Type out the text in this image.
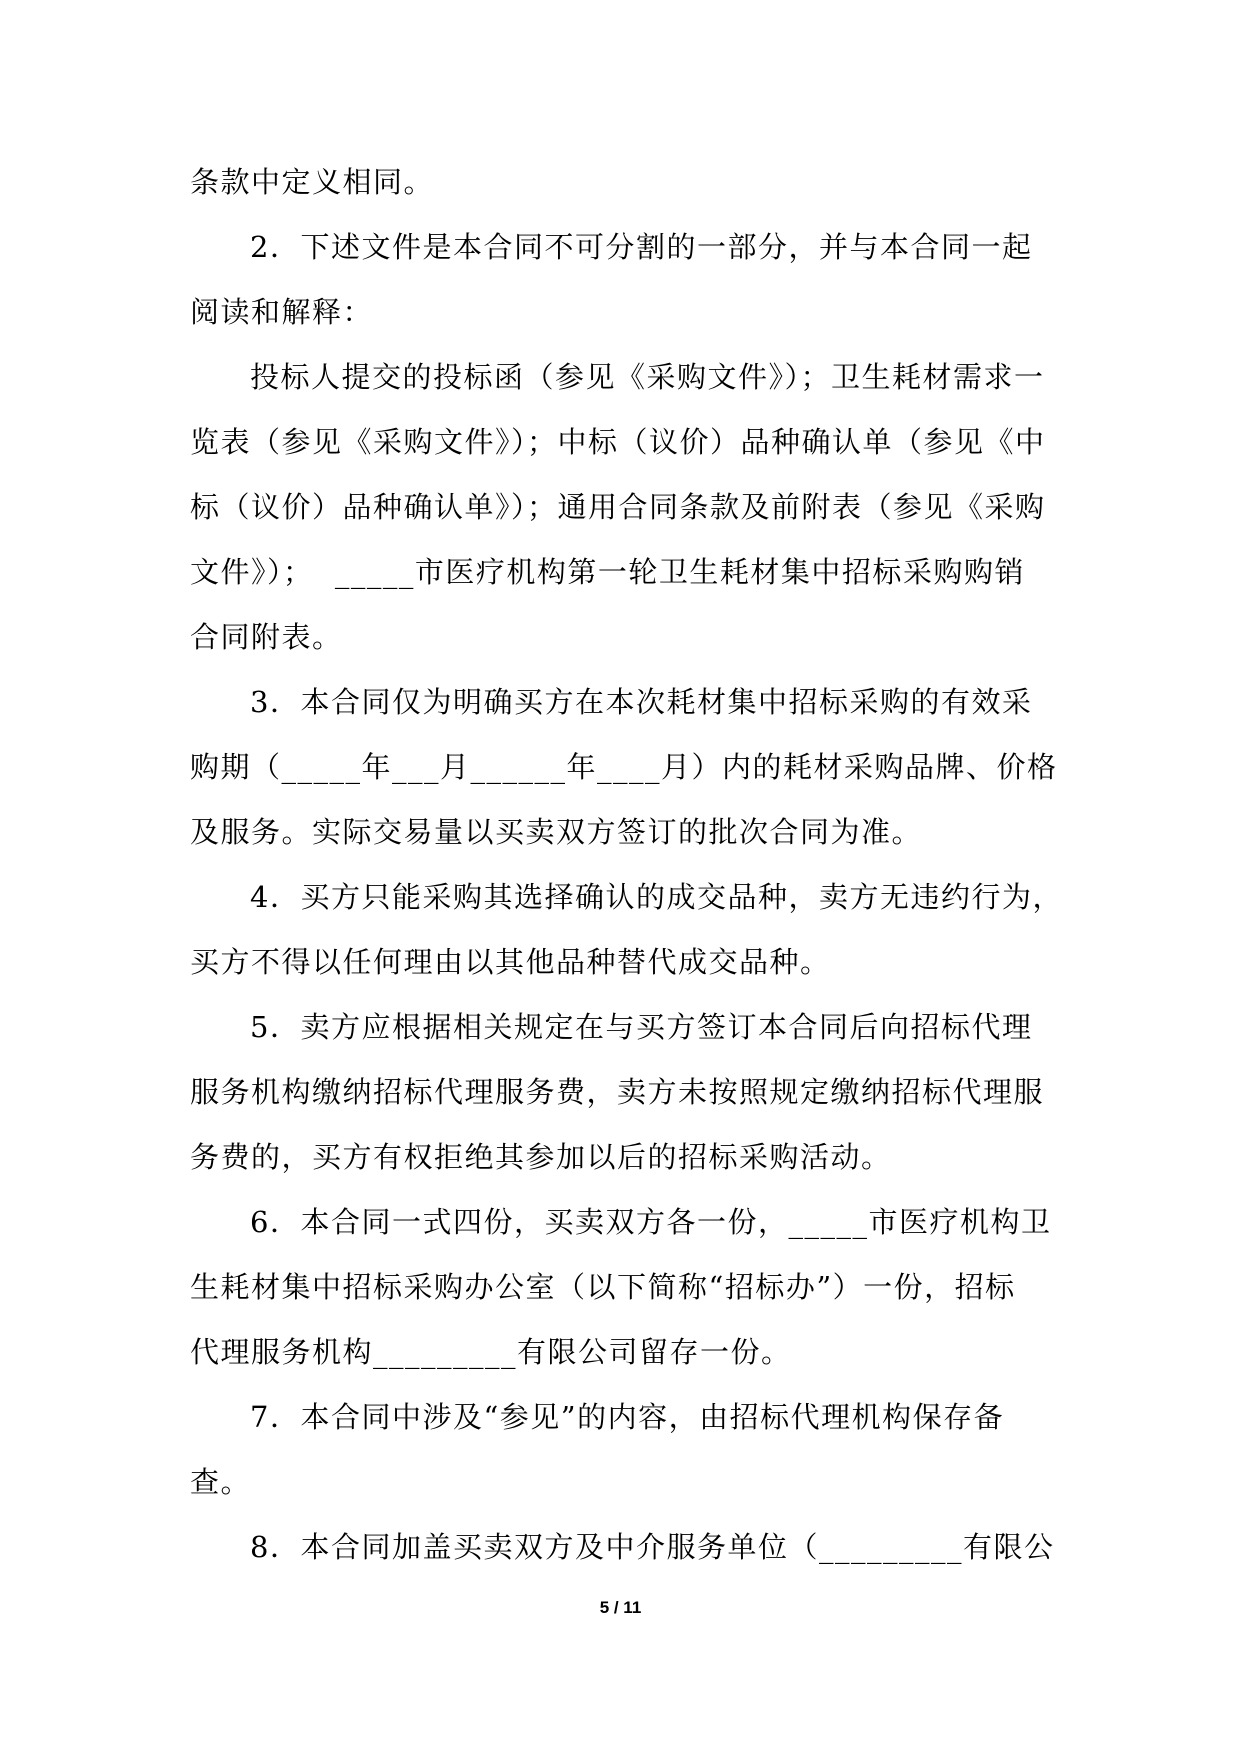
条款中定义相同。
2．下述文件是本合同不可分割的一部分，并与本合同一起
阅读和解释：
投标人提交的投标函（参见《采购文件》）；卫生耗材需求一
览表（参见《采购文件》）；中标（议价）品种确认单（参见《中
标（议价）品种确认单》）；通用合同条款及前附表（参见《采购
文件》）；  _____市医疗机构第一轮卫生耗材集中招标采购购销
合同附表。
3．本合同仅为明确买方在本次耗材集中招标采购的有效采
购期（_____年___月______年____月）内的耗材采购品牌、价格
及服务。实际交易量以买卖双方签订的批次合同为准。
4．买方只能采购其选择确认的成交品种，卖方无违约行为，
买方不得以任何理由以其他品种替代成交品种。
5．卖方应根据相关规定在与买方签订本合同后向招标代理
服务机构缴纳招标代理服务费，卖方未按照规定缴纳招标代理服
务费的，买方有权拒绝其参加以后的招标采购活动。
6．本合同一式四份，买卖双方各一份，_____市医疗机构卫
生耗材集中招标采购办公室（以下简称“招标办”）一份，招标
代理服务机构_________有限公司留存一份。
7．本合同中涉及“参见”的内容，由招标代理机构保存备
查。
8．本合同加盖买卖双方及中介服务单位（_________有限公
5 / 11
